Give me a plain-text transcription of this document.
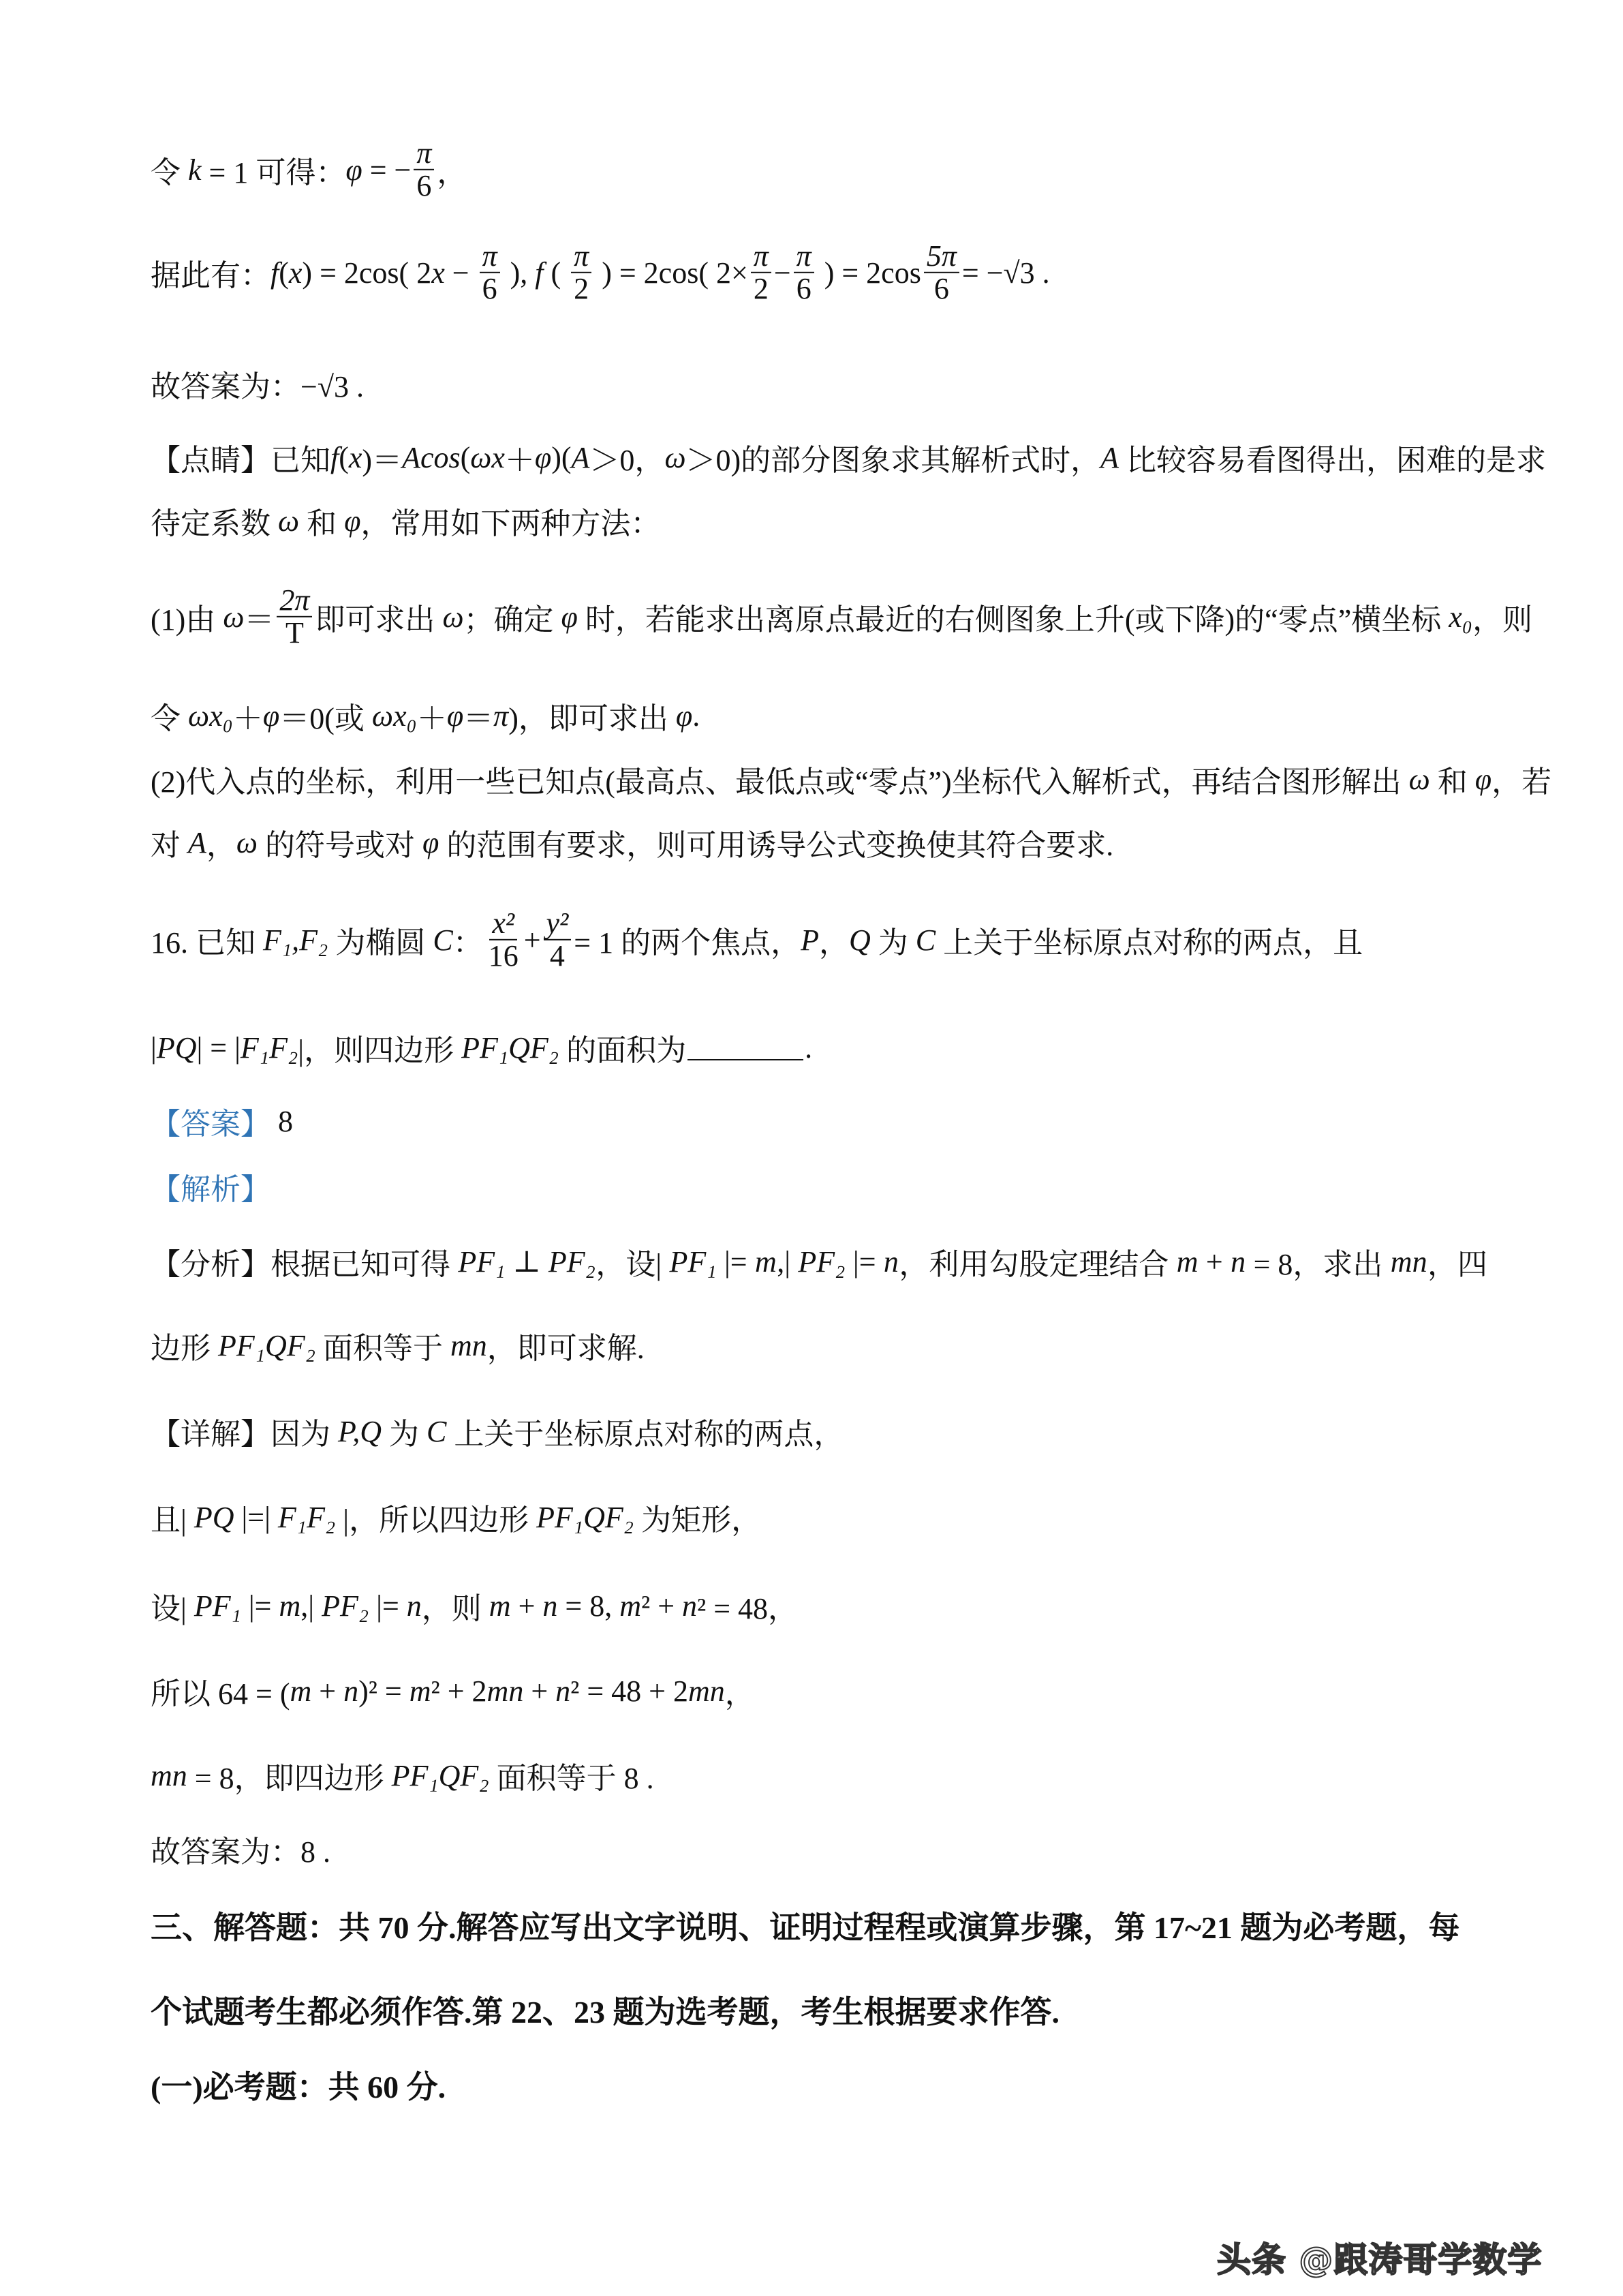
令 k = 1 可得： φ = − $\frac{\pi}{6}$ ，
据此有： f ( x ) = 2cos( 2 $x - \frac{\pi}{6}$ ), f ( $\frac{\pi}{2}$ ) = 2cos( $2\times \frac{\pi}{2} - \frac{\pi}{6}$ ) = $2\cos \frac{5\pi}{6} = -√3$ .
故答案为：−√3 .
【点睛】已知 f ( x )＝ A cos ( ωx ＋ φ )( A ＞0， ω ＞0)的部分图象求其解析式时， A 比较容易看图得出，困难的是求
待定系数 ω 和 φ ，常用如下两种方法：
(1)由 $\omega = \frac{2\pi}{T}$ 即可求出 ω ；确定 φ 时，若能求出离原点最近的右侧图象上升(或下降)的“零点”横坐标 x₀ ，则
令 ωx₀ ＋ φ ＝0(或 ωx₀ ＋ φ ＝ π )，即可求出 φ .
(2)代入点的坐标，利用一些已知点(最高点、最低点或“零点”)坐标代入解析式，再结合图形解出 ω 和 φ ，若
对 A ， ω 的符号或对 φ 的范围有要求，则可用诱导公式变换使其符合要求.
16. 已知 F₁,F₂ 为椭圆 C ： $\frac{\text{x²}}{16} + \frac{\text{y²}}{4} = 1$ 的两个焦点， P ， Q 为 C 上关于坐标原点对称的两点，且
| PQ | = | F₁F₂ |，则四边形 PF₁QF₂ 的面积为	.
【答案】 8
【解析】
【分析】根据已知可得 PF₁ ⊥ PF₂ ，设| PF₁ |= m ,| PF₂ |= n ，利用勾股定理结合 m + n = 8，求出 mn ，四
边形 PF₁QF₂ 面积等于 mn ，即可求解.
【详解】因为 P,Q 为 C 上关于坐标原点对称的两点，
且| PQ |=| F₁F₂ |，所以四边形 PF₁QF₂ 为矩形，
设| PF₁ |= m ,| PF₂ |= n ，则 m + n = 8, m ² + n ² = 48，
所以 64 = ( m + n )² = m ² + 2 mn + n ² = 48 + 2 mn ，
mn = 8，即四边形 PF₁QF₂ 面积等于 8 .
故答案为：8 .
三、解答题：共 70 分.解答应写出文字说明、证明过程程或演算步骤，第 17~21 题为必考题，每
个试题考生都必须作答.第 22、23 题为选考题，考生根据要求作答.
(一)必考题：共 60 分.
头条 @跟涛哥学数学
